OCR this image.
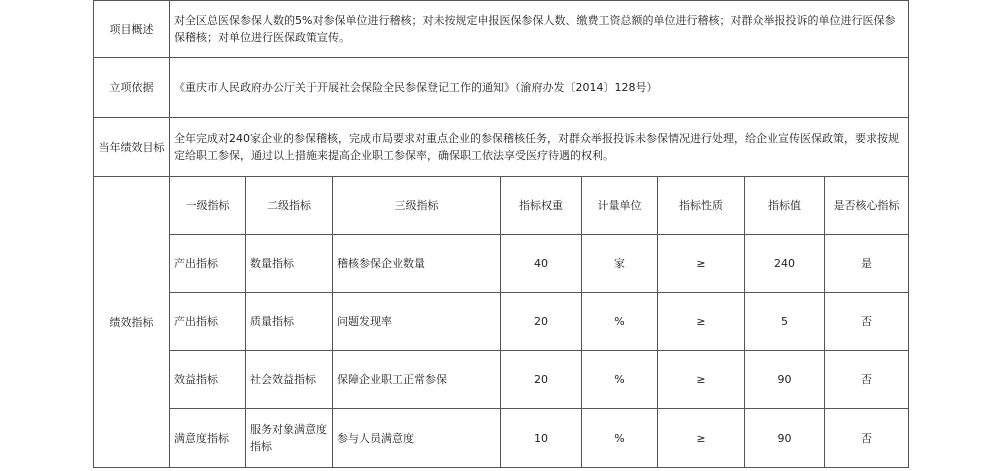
项目概述	对全区总医保参保人数的5%对参保单位进行稽核；对未按规定申报医保参保人数、缴费工资总额的单位进行稽核；对群众举报投诉的单位进行医保参保稽核；对单位进行医保政策宣传。							
立项依据	《重庆市人民政府办公厅关于开展社会保险全民参保登记工作的通知》（渝府办发〔2014〕128号）							
当年绩效目标	全年完成对240家企业的参保稽核，完成市局要求对重点企业的参保稽核任务，对群众举报投诉未参保情况进行处理，给企业宣传医保政策，要求按规定给职工参保，通过以上措施来提高企业职工参保率，确保职工依法享受医疗待遇的权利。							
绩效指标	一级指标	二级指标	三级指标	指标权重	计量单位	指标性质	指标值	是否核心指标
	产出指标	数量指标	稽核参保企业数量	40	家	≥	240	是
	产出指标	质量指标	问题发现率	20	%	≥	5	否
	效益指标	社会效益指标	保障企业职工正常参保	20	%	≥	90	否
	满意度指标	服务对象满意度指标	参与人员满意度	10	%	≥	90	否
